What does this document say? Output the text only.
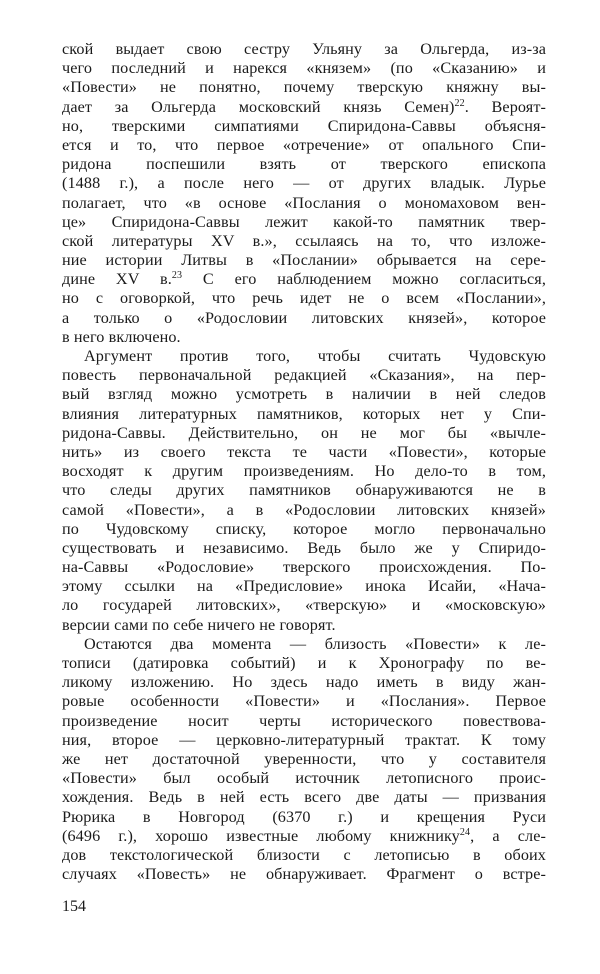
ской выдает свою сестру Ульяну за Ольгерда, из-за
чего последний и нарекся «князем» (по «Сказанию» и
«Повести» не понятно, почему тверскую княжну вы-
дает за Ольгерда московский князь Семен)$^{22}$. Вероят-
но, тверскими симпатиями Спиридона-Саввы объясня-
ется и то, что первое «отречение» от опального Спи-
ридона поспешили взять от тверского епископа
(1488 г.), а после него — от других владык. Лурье
полагает, что «в основе «Послания о мономаховом вен-
це» Спиридона-Саввы лежит какой-то памятник твер-
ской литературы XV в.», ссылаясь на то, что изложе-
ние истории Литвы в «Послании» обрывается на сере-
дине XV в.$^{23}$ С его наблюдением можно согласиться,
но с оговоркой, что речь идет не о всем «Послании»,
а только о «Родословии литовских князей», которое
в него включено.
Аргумент против того, чтобы считать Чудовскую
повесть первоначальной редакцией «Сказания», на пер-
вый взгляд можно усмотреть в наличии в ней следов
влияния литературных памятников, которых нет у Спи-
ридона-Саввы. Действительно, он не мог бы «вычле-
нить» из своего текста те части «Повести», которые
восходят к другим произведениям. Но дело-то в том,
что следы других памятников обнаруживаются не в
самой «Повести», а в «Родословии литовских князей»
по Чудовскому списку, которое могло первоначально
существовать и независимо. Ведь было же у Спиридо-
на-Саввы «Родословие» тверского происхождения. По-
этому ссылки на «Предисловие» инока Исайи, «Нача-
ло государей литовских», «тверскую» и «московскую»
версии сами по себе ничего не говорят.
Остаются два момента — близость «Повести» к ле-
тописи (датировка событий) и к Хронографу по ве-
ликому изложению. Но здесь надо иметь в виду жан-
ровые особенности «Повести» и «Послания». Первое
произведение носит черты исторического повествова-
ния, второе — церковно-литературный трактат. К тому
же нет достаточной уверенности, что у составителя
«Повести» был особый источник летописного проис-
хождения. Ведь в ней есть всего две даты — призвания
Рюрика в Новгород (6370 г.) и крещения Руси
(6496 г.), хорошо известные любому книжнику$^{24}$, а сле-
дов текстологической близости с летописью в обоих
случаях «Повесть» не обнаруживает. Фрагмент о встре-
154
